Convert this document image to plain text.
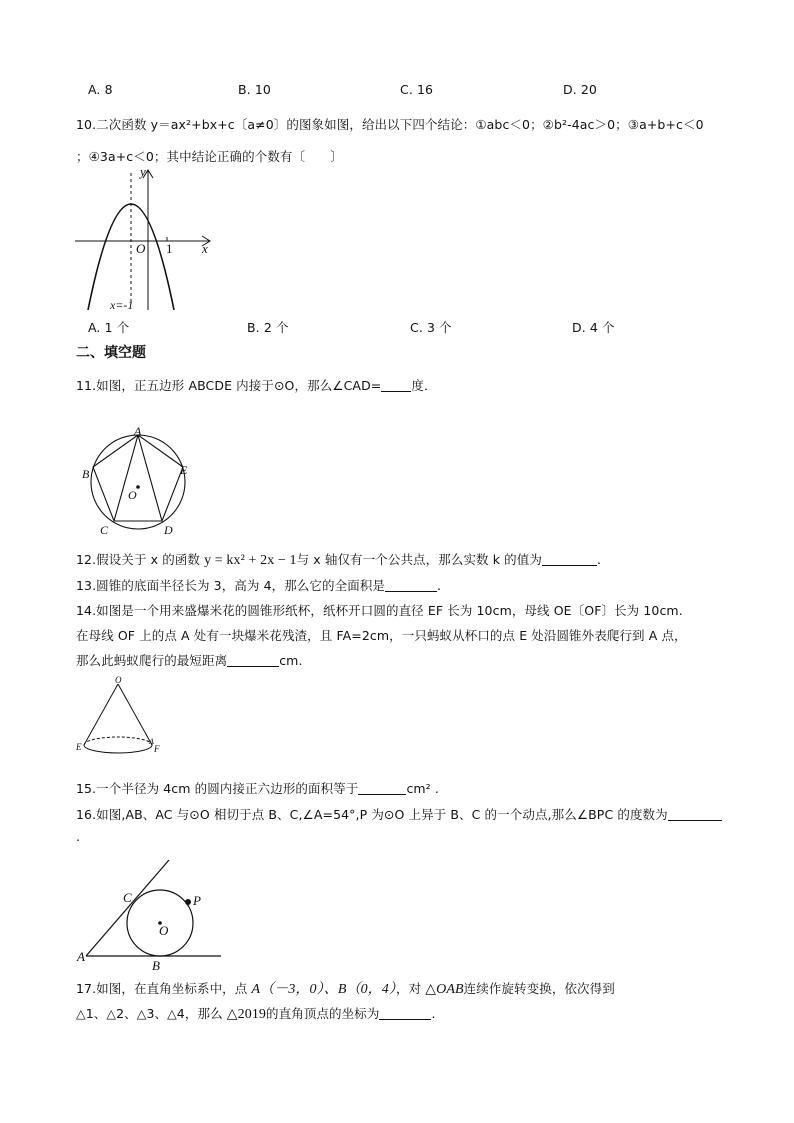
A. 8	B. 10	C. 16	D. 20
10.二次函数 y＝ax²+bx+c〔a≠0〕的图象如图，给出以下四个结论：①abc＜0；②b²-4ac＞0；③a+b+c＜0
；④3a+c＜0；其中结论正确的个数有〔　　〕
y
x
O 1
x=-1
A. 1 个	B. 2 个	C. 3 个	D. 4 个
二、填空题
11.如图，正五边形 ABCDE 内接于⊙O，那么∠CAD= 度．
A
B
C	D
E
O
12.假设关于 x 的函数 y = kx² + 2x − 1与 x 轴仅有一个公共点，那么实数 k 的值为	.
13.圆锥的底面半径长为 3，高为 4，那么它的全面积是	.
14.如图是一个用来盛爆米花的圆锥形纸杯，纸杯开口圆的直径 EF 长为 10cm，母线 OE〔OF〕长为 10cm.
在母线 OF 上的点 A 处有一块爆米花残渣，且 FA=2cm，一只蚂蚁从杯口的点 E 处沿圆锥外表爬行到 A 点，
那么此蚂蚁爬行的最短距离	cm.
O
E
A
F
15.一个半径为 4cm 的圆内接正六边形的面积等于	cm² .
16.如图,AB、AC 与⊙O 相切于点 B、C,∠A=54°,P 为⊙O 上异于 B、C 的一个动点,那么∠BPC 的度数为
.
A
B
C	P
O
17.如图，在直角坐标系中，点 A（－3，0）、B（0，4），对 △OAB连续作旋转变换，依次得到
△1、△2、△3、△4，那么 △2019的直角顶点的坐标为	.
